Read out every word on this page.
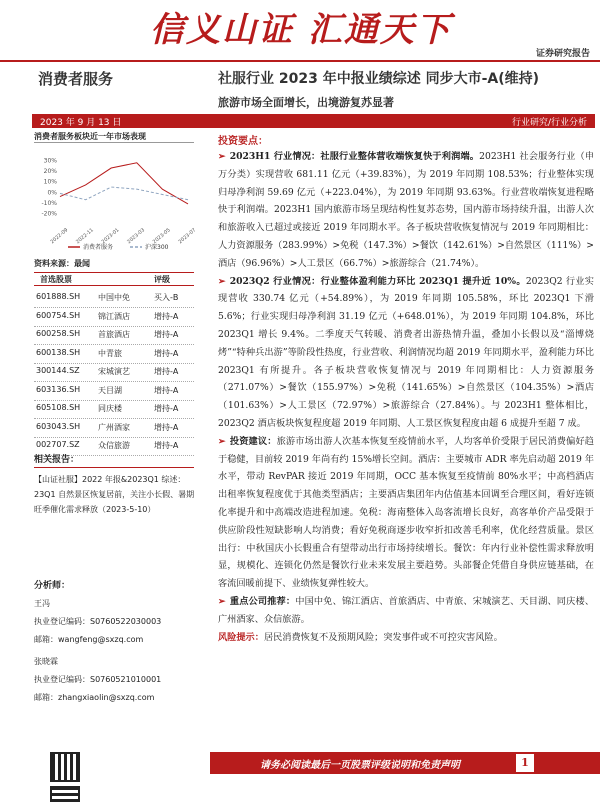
信义山证 汇通天下
证券研究报告
消费者服务	社服行业 2023 年中报业绩综述 同步大市-A(维持)
旅游市场全面增长，出境游复苏显著
2023 年 9 月 13 日	行业研究/行业分析
消费者服务板块近一年市场表现
30%
20%
10%
0%
-10%
-20%
2022-09 2022-11 2023-01 2023-03 2023-05 2023-07
消费者服务	沪深300
资料来源：最闻
首选股票	评级
601888.SH 中国中免	买入-B
600754.SH 锦江酒店	增持-A
600258.SH 首旅酒店	增持-A
600138.SH 中青旅	增持-A
300144.SZ 宋城演艺	增持-A
603136.SH 天目湖	增持-A
605108.SH 同庆楼	增持-A
603043.SH 广州酒家	增持-A
002707.SZ 众信旅游	增持-A
相关报告：
【山证社服】2022 年报&2023Q1 综述：23Q1 自然景区恢复居前，关注小长假、暑期旺季催化需求释放（2023-5-10）
分析师：
王冯
执业登记编码：S0760522030003
邮箱：wangfeng@sxzq.com
张晓霖
执业登记编码：S0760521010001
邮箱：zhangxiaolin@sxzq.com
投资要点：

➢ 2023H1 行业情况：社服行业整体营收端恢复快于利润端。2023H1 社会服务行业（申万分类）实现营收 681.11 亿元（+39.83%），为 2019 年同期 108.53%；行业整体实现归母净利润 59.69 亿元（+223.04%），为 2019 年同期 93.63%。行业营收端恢复进程略快于利润端。2023H1 国内旅游市场呈现结构性复苏态势，国内游市场持续升温，出游人次和旅游收入已超过或接近 2019 年同期水平。各子板块营收恢复情况与 2019 年同期相比：人力资源服务（283.99%）>免税（147.3%）>餐饮（142.61%）>自然景区（111%）>酒店（96.96%）>人工景区（66.7%）>旅游综合（21.74%）。

➢ 2023Q2 行业情况：行业整体盈利能力环比 2023Q1 提升近 10%。2023Q2 行业实现营收 330.74 亿元（+54.89%），为 2019 年同期 105.58%，环比 2023Q1 下滑 5.6%；行业实现归母净利润 31.19 亿元（+648.01%），为 2019 年同期 104.8%，环比 2023Q1 增长 9.4%。二季度天气转暖、消费者出游热情升温，叠加小长假以及“淄博烧烤”“特种兵出游”等阶段性热度，行业营收、利润情况均超 2019 年同期水平，盈利能力环比 2023Q1 有所提升。各子板块营收恢复情况与 2019 年同期相比：人力资源服务（271.07%）>餐饮（155.97%）>免税（141.65%）>自然景区（104.35%）>酒店（101.63%）>人工景区（72.97%）>旅游综合（27.84%）。与 2023H1 整体相比，2023Q2 酒店板块恢复程度超 2019 年同期、人工景区恢复程度由超 6 成提升至超 7 成。

➢ 投资建议：旅游市场出游人次基本恢复至疫情前水平，人均客单价受限于居民消费偏好趋于稳健，目前较 2019 年尚有约 15%增长空间。酒店：主要城市 ADR 率先启动超 2019 年水平，带动 RevPAR 接近 2019 年同期，OCC 基本恢复至疫情前 80%水平；中高档酒店出租率恢复程度优于其他类型酒店；主要酒店集团年内估值基本回调至合理区间，看好连锁化率提升和中高端改造进程加速。免税：海南整体入岛客流增长良好，高客单价产品受限于供应阶段性短缺影响人均消费；看好免税商逐步收窄折扣改善毛利率，优化经营质量。景区出行：中秋国庆小长假重合有望带动出行市场持续增长。餐饮：年内行业补偿性需求释放明显，规模化、连锁化仍然是餐饮行业未来发展主要趋势。头部餐企凭借自身供应链基础，在客流回暖前提下、业绩恢复弹性较大。

➢ 重点公司推荐：中国中免、锦江酒店、首旅酒店、中青旅、宋城演艺、天目湖、同庆楼、广州酒家、众信旅游。

风险提示：居民消费恢复不及预期风险；突发事件或不可控灾害风险。

请务必阅读最后一页股票评级说明和免责声明	1
